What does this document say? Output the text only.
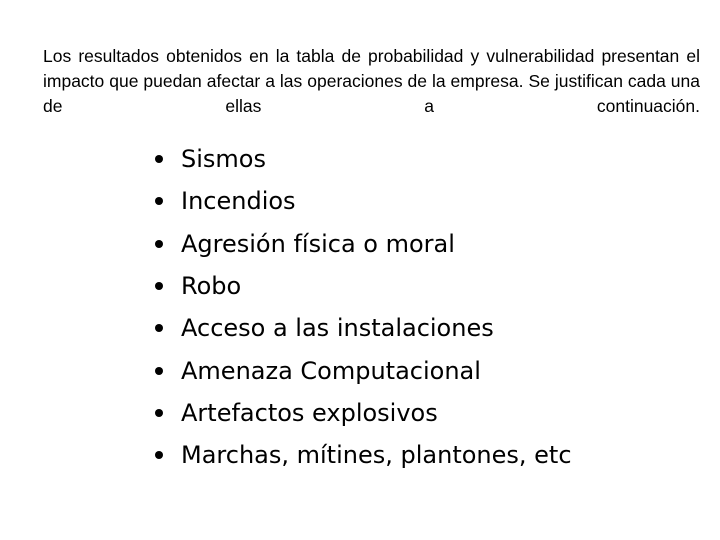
Los resultados obtenidos en la tabla de probabilidad y vulnerabilidad presentan el impacto que puedan afectar a las operaciones de la empresa. Se justifican cada una de ellas a continuación.

Sismos
Incendios
Agresión física o moral
Robo
Acceso a las instalaciones
Amenaza Computacional
Artefactos explosivos
Marchas, mítines, plantones, etc
